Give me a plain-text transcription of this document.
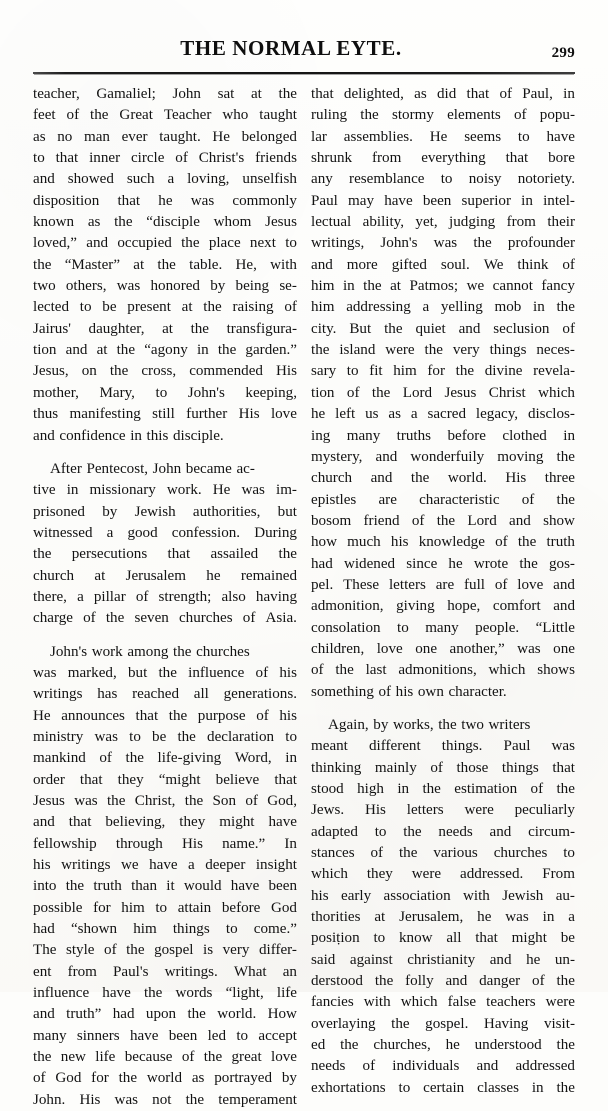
THE NORMAL EYTE.	299
teacher, Gamaliel; John sat at the
feet of the Great Teacher who taught
as no man ever taught. He belonged
to that inner circle of Christ's friends
and showed such a loving, unselfish
disposition that he was commonly
known as the “disciple whom Jesus
loved,” and occupied the place next to
the “Master” at the table. He, with
two others, was honored by being se-
lected to be present at the raising of
Jairus' daughter, at the transfigura-
tion and at the “agony in the garden.”
Jesus, on the cross, commended His
mother, Mary, to John's keeping,
thus manifesting still further His love
and confidence in this disciple.
After Pentecost, John became ac-
tive in missionary work. He was im-
prisoned by Jewish authorities, but
witnessed a good confession. During
the persecutions that assailed the
church at Jerusalem he remained
there, a pillar of strength; also having
charge of the seven churches of Asia.
John's work among the churches
was marked, but the influence of his
writings has reached all generations.
He announces that the purpose of his
ministry was to be the declaration to
mankind of the life-giving Word, in
order that they “might believe that
Jesus was the Christ, the Son of God,
and that believing, they might have
fellowship through His name.” In
his writings we have a deeper insight
into the truth than it would have been
possible for him to attain before God
had “shown him things to come.”
The style of the gospel is very differ-
ent from Paul's writings. What an
influence have the words “light, life
and truth” had upon the world. How
many sinners have been led to accept
the new life because of the great love
of God for the world as portrayed by
John. His was not the temperament
that delighted, as did that of Paul, in
ruling the stormy elements of popu-
lar assemblies. He seems to have
shrunk from everything that bore
any resemblance to noisy notoriety.
Paul may have been superior in intel-
lectual ability, yet, judging from their
writings, John's was the profounder
and more gifted soul. We think of
him in the at Patmos; we cannot fancy
him addressing a yelling mob in the
city. But the quiet and seclusion of
the island were the very things neces-
sary to fit him for the divine revela-
tion of the Lord Jesus Christ which
he left us as a sacred legacy, disclos-
ing many truths before clothed in
mystery, and wonderfuily moving the
church and the world. His three
epistles are characteristic of the
bosom friend of the Lord and show
how much his knowledge of the truth
had widened since he wrote the gos-
pel. These letters are full of love and
admonition, giving hope, comfort and
consolation to many people. “Little
children, love one another,” was one
of the last admonitions, which shows
something of his own character.
Again, by works, the two writers
meant different things. Paul was
thinking mainly of those things that
stood high in the estimation of the
Jews. His letters were peculiarly
adapted to the needs and circum-
stances of the various churches to
which they were addressed. From
his early association with Jewish au-
thorities at Jerusalem, he was in a
posiṭion to know all that might be
said against christianity and he un-
derstood the folly and danger of the
fancies with which false teachers were
overlaying the gospel. Having visit-
ed the churches, he understood the
needs of individuals and addressed
exhortations to certain classes in the
